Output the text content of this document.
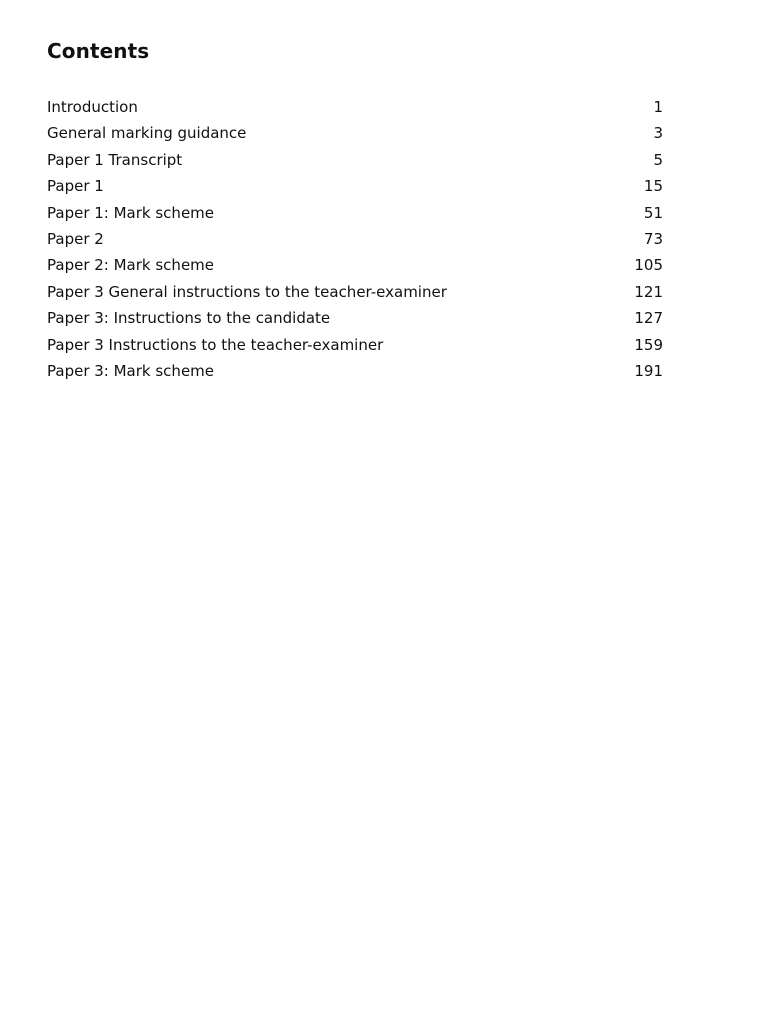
Contents
Introduction	1
General marking guidance	3
Paper 1 Transcript	5
Paper 1	15
Paper 1: Mark scheme	51
Paper 2	73
Paper 2: Mark scheme	105
Paper 3 General instructions to the teacher-examiner	121
Paper 3: Instructions to the candidate	127
Paper 3 Instructions to the teacher-examiner	159
Paper 3: Mark scheme	191
